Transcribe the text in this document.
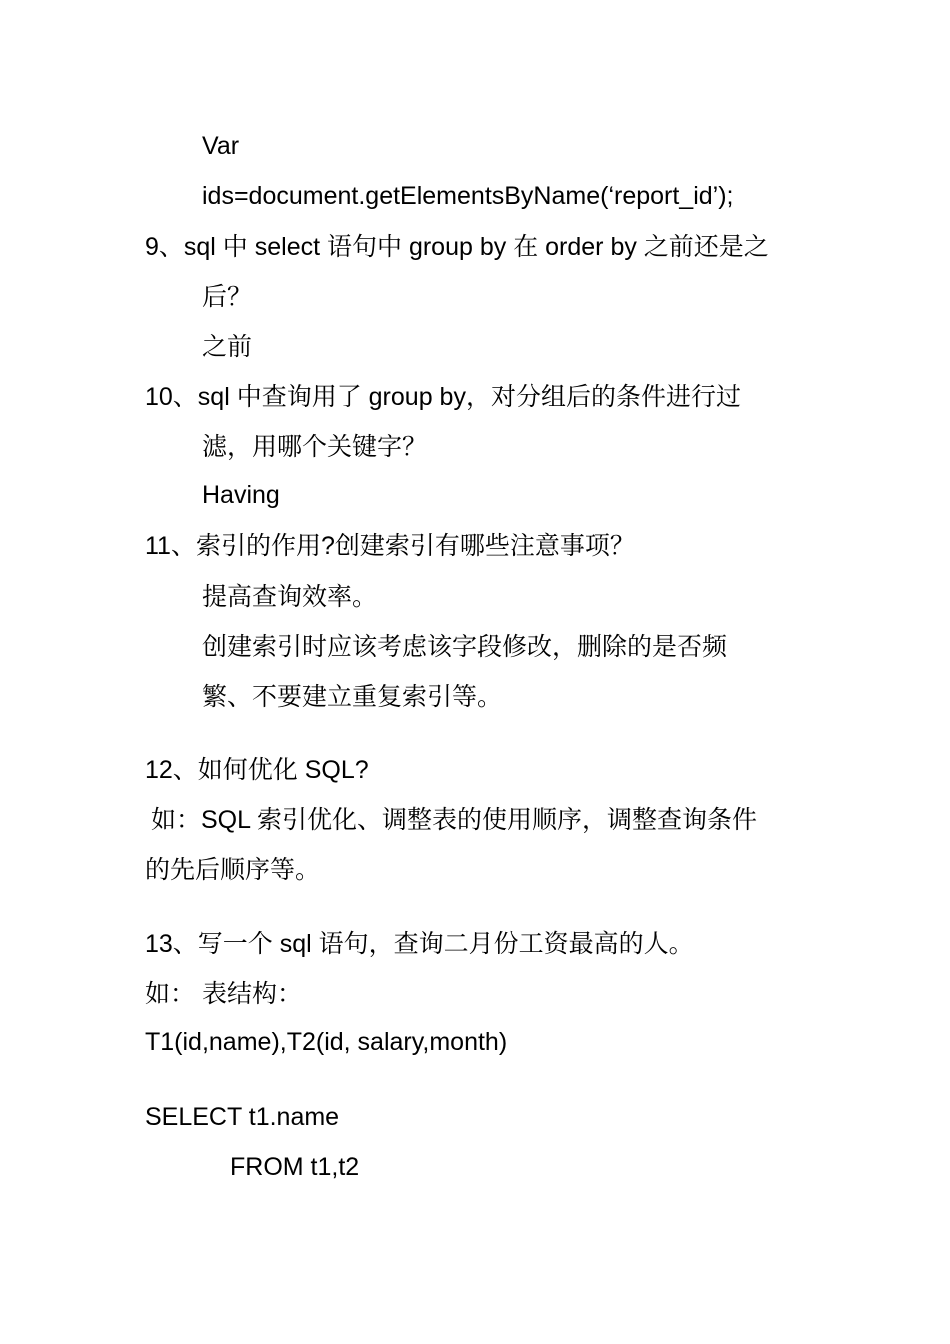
Var
ids=document.getElementsByName(‘report_id’);
9、sql 中 select 语句中 group by 在 order by 之前还是之
后？
之前
10、sql 中查询用了 group by，对分组后的条件进行过
滤，用哪个关键字？
Having
11、索引的作用?创建索引有哪些注意事项？
提高查询效率。
创建索引时应该考虑该字段修改，删除的是否频
繁、不要建立重复索引等。
12、如何优化 SQL?
如：SQL 索引优化、调整表的使用顺序，调整查询条件
的先后顺序等。
13、写一个 sql 语句，查询二月份工资最高的人。
如： 表结构：
T1(id,name),T2(id, salary,month)
SELECT t1.name
FROM t1,t2
